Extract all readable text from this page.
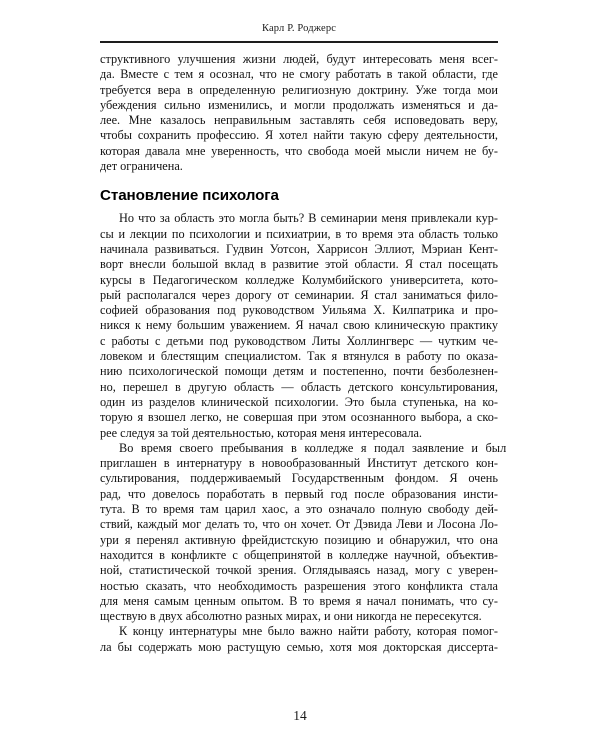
Карл Р. Роджерс

структивного улучшения жизни людей, будут интересовать меня всег-
да. Вместе с тем я осознал, что не смогу работать в такой области, где
требуется вера в определенную религиозную доктрину. Уже тогда мои
убеждения сильно изменились, и могли продолжать изменяться и да-
лее. Мне казалось неправильным заставлять себя исповедовать веру,
чтобы сохранить профессию. Я хотел найти такую сферу деятельности,
которая давала мне уверенность, что свобода моей мысли ничем не бу-
дет ограничена.

Становление психолога

Но что за область это могла быть? В семинарии меня привлекали кур-
сы и лекции по психологии и психиатрии, в то время эта область только
начинала развиваться. Гудвин Уотсон, Харрисон Эллиот, Мэриан Кент-
ворт внесли большой вклад в развитие этой области. Я стал посещать
курсы в Педагогическом колледже Колумбийского университета, кото-
рый располагался через дорогу от семинарии. Я стал заниматься фило-
софией образования под руководством Уильяма Х. Килпатрика и про-
никся к нему большим уважением. Я начал свою клиническую практику
с работы с детьми под руководством Литы Холлингверс — чутким че-
ловеком и блестящим специалистом. Так я втянулся в работу по оказа-
нию психологической помощи детям и постепенно, почти безболезнен-
но, перешел в другую область — область детского консультирования,
один из разделов клинической психологии. Это была ступенька, на ко-
торую я взошел легко, не совершая при этом осознанного выбора, а ско-
рее следуя за той деятельностью, которая меня интересовала.

Во время своего пребывания в колледже я подал заявление и был
приглашен в интернатуру в новообразованный Институт детского кон-
сультирования, поддерживаемый Государственным фондом. Я очень
рад, что довелось поработать в первый год после образования инсти-
тута. В то время там царил хаос, а это означало полную свободу дей-
ствий, каждый мог делать то, что он хочет. От Дэвида Леви и Лосона Ло-
ури я перенял активную фрейдистскую позицию и обнаружил, что она
находится в конфликте с общепринятой в колледже научной, объектив-
ной, статистической точкой зрения. Оглядываясь назад, могу с уверен-
ностью сказать, что необходимость разрешения этого конфликта стала
для меня самым ценным опытом. В то время я начал понимать, что су-
ществую в двух абсолютно разных мирах, и они никогда не пересекутся.

К концу интернатуры мне было важно найти работу, которая помог-
ла бы содержать мою растущую семью, хотя моя докторская диссерта-

14
